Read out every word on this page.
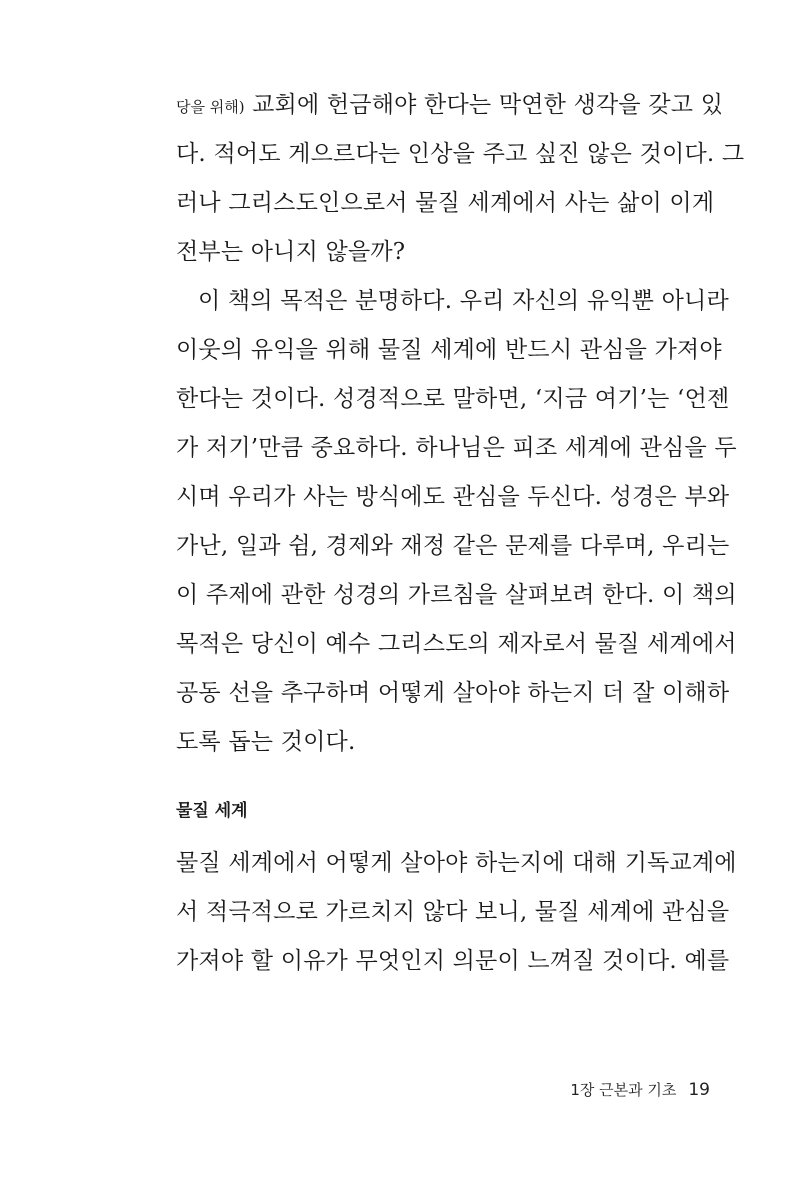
당을 위해) 교회에 헌금해야 한다는 막연한 생각을 갖고 있
다. 적어도 게으르다는 인상을 주고 싶진 않은 것이다. 그
러나 그리스도인으로서 물질 세계에서 사는 삶이 이게
전부는 아니지 않을까?
이 책의 목적은 분명하다. 우리 자신의 유익뿐 아니라
이웃의 유익을 위해 물질 세계에 반드시 관심을 가져야
한다는 것이다. 성경적으로 말하면, ‘지금 여기’는 ‘언젠
가 저기’만큼 중요하다. 하나님은 피조 세계에 관심을 두
시며 우리가 사는 방식에도 관심을 두신다. 성경은 부와
가난, 일과 쉼, 경제와 재정 같은 문제를 다루며, 우리는
이 주제에 관한 성경의 가르침을 살펴보려 한다. 이 책의
목적은 당신이 예수 그리스도의 제자로서 물질 세계에서
공동 선을 추구하며 어떻게 살아야 하는지 더 잘 이해하
도록 돕는 것이다.
물질 세계
물질 세계에서 어떻게 살아야 하는지에 대해 기독교계에
서 적극적으로 가르치지 않다 보니, 물질 세계에 관심을
가져야 할 이유가 무엇인지 의문이 느껴질 것이다. 예를
1장 근본과 기초 19
